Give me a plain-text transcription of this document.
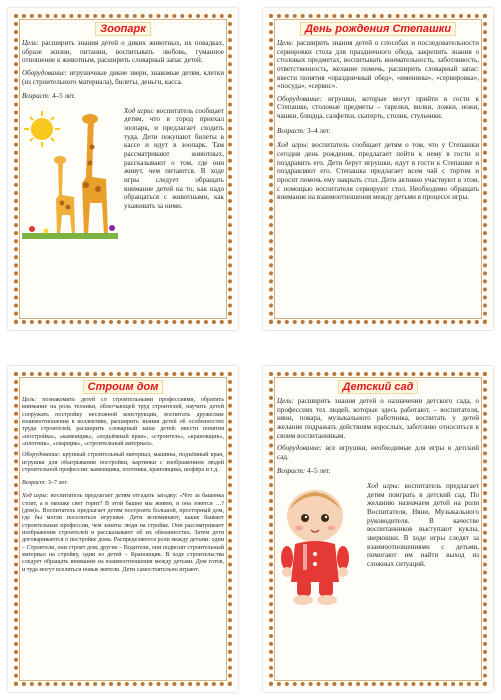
Зоопарк

Цель: расширить знания детей о диких животных, их повадках, образе жизни, питании, воспитывать любовь, гуманное отношение к животным, расширить словарный запас детей.

Оборудование: игрушечные дикие звери, знакомые детям, клетки (из строительного материала), билеты, деньги, касса.

Возраст: 4–5 лет.

Ход игры: воспитатель сообщает детям, что в город приехал зоопарк, и предлагает сходить туда. Дети покупают билеты в кассе и идут в зоопарк. Там рассматривают животных, рассказывают о том, где они живут, чем питаются. В ходе игры следует обращать внимание детей на то, как надо обращаться с животными, как ухаживать за ними.

День рождения Степашки

Цель: расширить знания детей о способах и последовательности сервировки стола для праздничного обеда, закрепить знания о столовых предметах, воспитывать внимательность, заботливость, ответственность, желание помочь, расширить словарный запас: ввести понятия «праздничный обед», «именины», «сервировка», «посуда», «сервис».

Оборудование: игрушки, которые могут прийти в гости к Степашке, столовые предметы – тарелки, вилки, ложки, ножи, чашки, блюдца, салфетки, скатерть, столик, стульчики.

Возраст: 3–4 лет.

Ход игры: воспитатель сообщает детям о том, что у Степашки сегодня день рождения, предлагает пойти к нему в гости и поздравить его. Дети берут игрушки, идут в гости к Степашке и поздравляют его. Степашка предлагает всем чай с тортом и просит помочь ему накрыть стол. Дети активно участвуют в этом, с помощью воспитателя сервируют стол. Необходимо обращать внимание на взаимоотношения между детьми в процессе игры.

Строим дом

Цель: познакомить детей со строительными профессиями, обратить внимание на роль техники, облегчающей труд строителей, научить детей сооружать постройку несложной конструкции, воспитать дружеские взаимоотношения в коллективе, расширить знания детей об особенностях труда строителей, расширить словарный запас детей: ввести понятия «постройка», «каменщик», «подъёмный кран», «строитель», «крановщик», «плотник», «сварщик», «строительный материал».

Оборудование: крупный строительный материал, машины, подъёмный кран, игрушки для обыгрывания постройки, картинки с изображением людей строительной профессии: каменщика, плотника, крановщика, шофёра и т.д.

Возраст: 3–7 лет.

Ход игры: воспитатель предлагает детям отгадать загадку: «Что за башенка стоит, а в окошке свет горит? В этой башне мы живем, и она зовется …? (дом)». Воспитатель предлагает детям построить большой, просторный дом, где бы могли поселиться игрушки. Дети вспоминают, какие бывают строительные профессии, чем заняты люди на стройке. Они рассматривают изображения строителей и рассказывают об их обязанностях. Затем дети договариваются о постройке дома. Распределяются роли между детьми: одни – Строители, они строят дом; другие – Водители, они подвозят строительный материал на стройку, один из детей – Крановщик. В ходе строительства следует обращать внимание на взаимоотношения между детьми. Дом готов, и туда могут вселяться новые жители. Дети самостоятельно играют.

Детский сад

Цель: расширить знания детей о назначении детского сада, о профессиях тех людей, которые здесь работают, – воспитателя, няни, повара, музыкального работника, воспитать у детей желание подражать действиям взрослых, заботливо относиться к своим воспитанникам.

Оборудование: все игрушки, необходимые для игры в детский сад.

Возраст: 4–5 лет.

Ход игры: воспитатель предлагает детям поиграть в детский сад. По желанию назначаем детей на роли Воспитателя, Няни, Музыкального руководителя. В качестве воспитанников выступают куклы, зверюшки. В ходе игры следят за взаимоотношениями с детьми, помогают им найти выход из сложных ситуаций.
